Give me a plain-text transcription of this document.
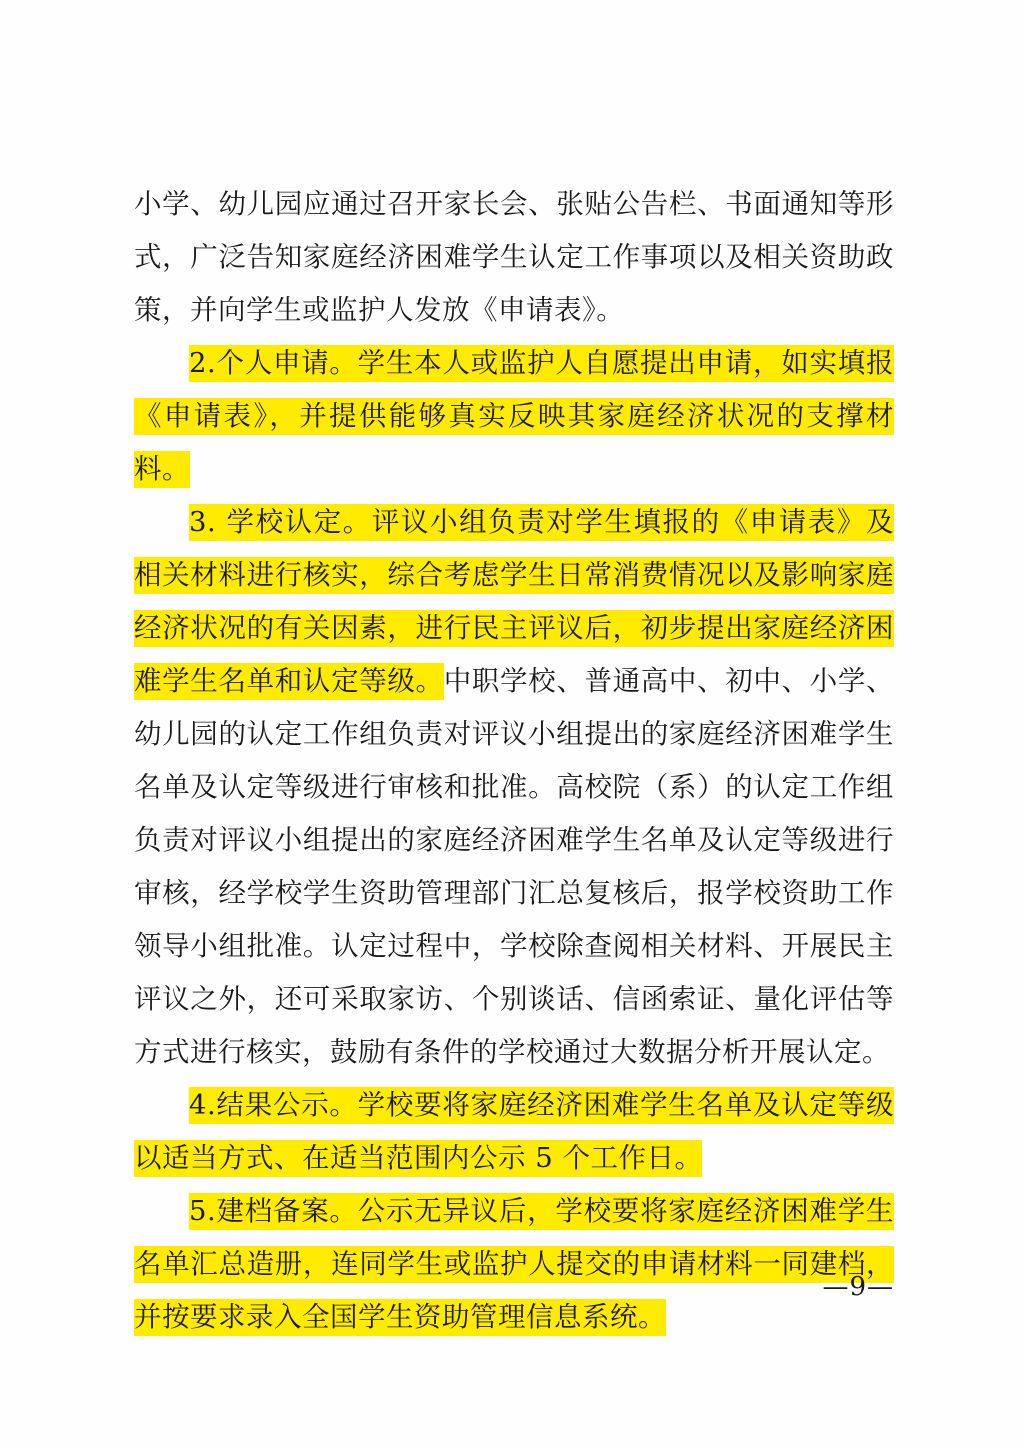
小学、幼儿园应通过召开家长会、张贴公告栏、书面通知等形式，广泛告知家庭经济困难学生认定工作事项以及相关资助政策，并向学生或监护人发放《申请表》。

2.个人申请。学生本人或监护人自愿提出申请，如实填报《申请表》，并提供能够真实反映其家庭经济状况的支撑材料。

3. 学校认定。评议小组负责对学生填报的《申请表》及相关材料进行核实，综合考虑学生日常消费情况以及影响家庭经济状况的有关因素，进行民主评议后，初步提出家庭经济困难学生名单和认定等级。中职学校、普通高中、初中、小学、幼儿园的认定工作组负责对评议小组提出的家庭经济困难学生名单及认定等级进行审核和批准。高校院（系）的认定工作组负责对评议小组提出的家庭经济困难学生名单及认定等级进行审核，经学校学生资助管理部门汇总复核后，报学校资助工作领导小组批准。认定过程中，学校除查阅相关材料、开展民主评议之外，还可采取家访、个别谈话、信函索证、量化评估等方式进行核实，鼓励有条件的学校通过大数据分析开展认定。

4.结果公示。学校要将家庭经济困难学生名单及认定等级以适当方式、在适当范围内公示 5 个工作日。

5.建档备案。公示无异议后，学校要将家庭经济困难学生名单汇总造册，连同学生或监护人提交的申请材料一同建档，并按要求录入全国学生资助管理信息系统。

—9—
